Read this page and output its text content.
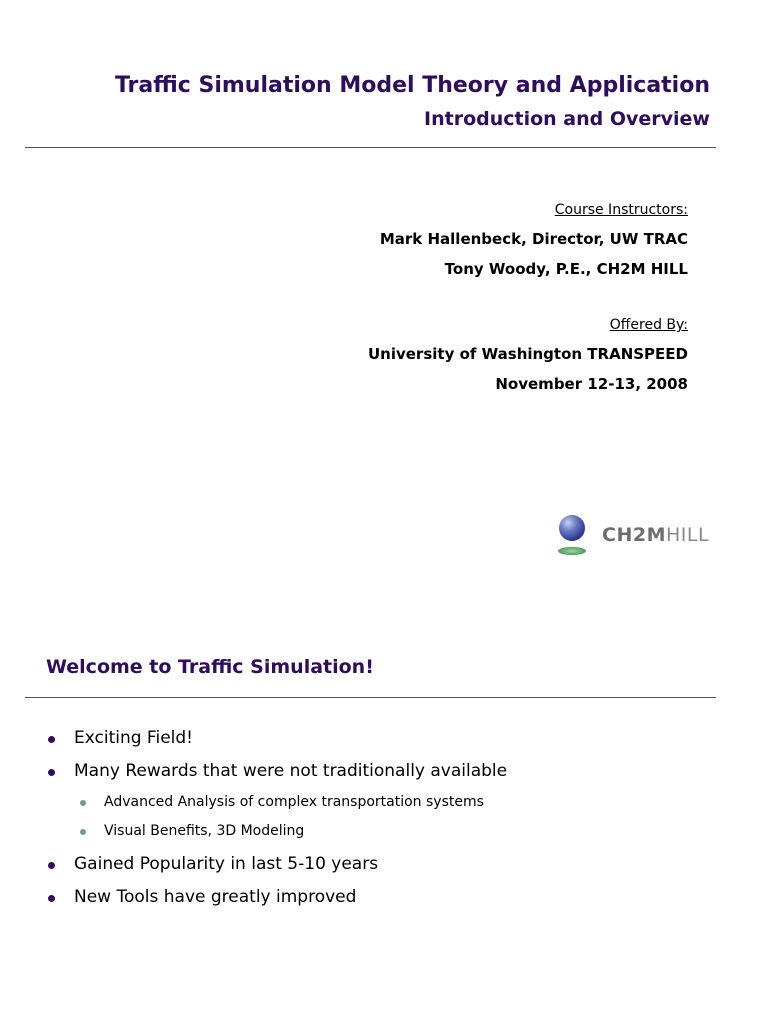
Traffic Simulation Model Theory and Application
Introduction and Overview
Course Instructors:
Mark Hallenbeck, Director, UW TRAC
Tony Woody, P.E., CH2M HILL
Offered By:
University of Washington TRANSPEED
November 12-13, 2008
CH2MHILL
Welcome to Traffic Simulation!
Exciting Field!
Many Rewards that were not traditionally available
Advanced Analysis of complex transportation systems
Visual Benefits, 3D Modeling
Gained Popularity in last 5-10 years
New Tools have greatly improved
